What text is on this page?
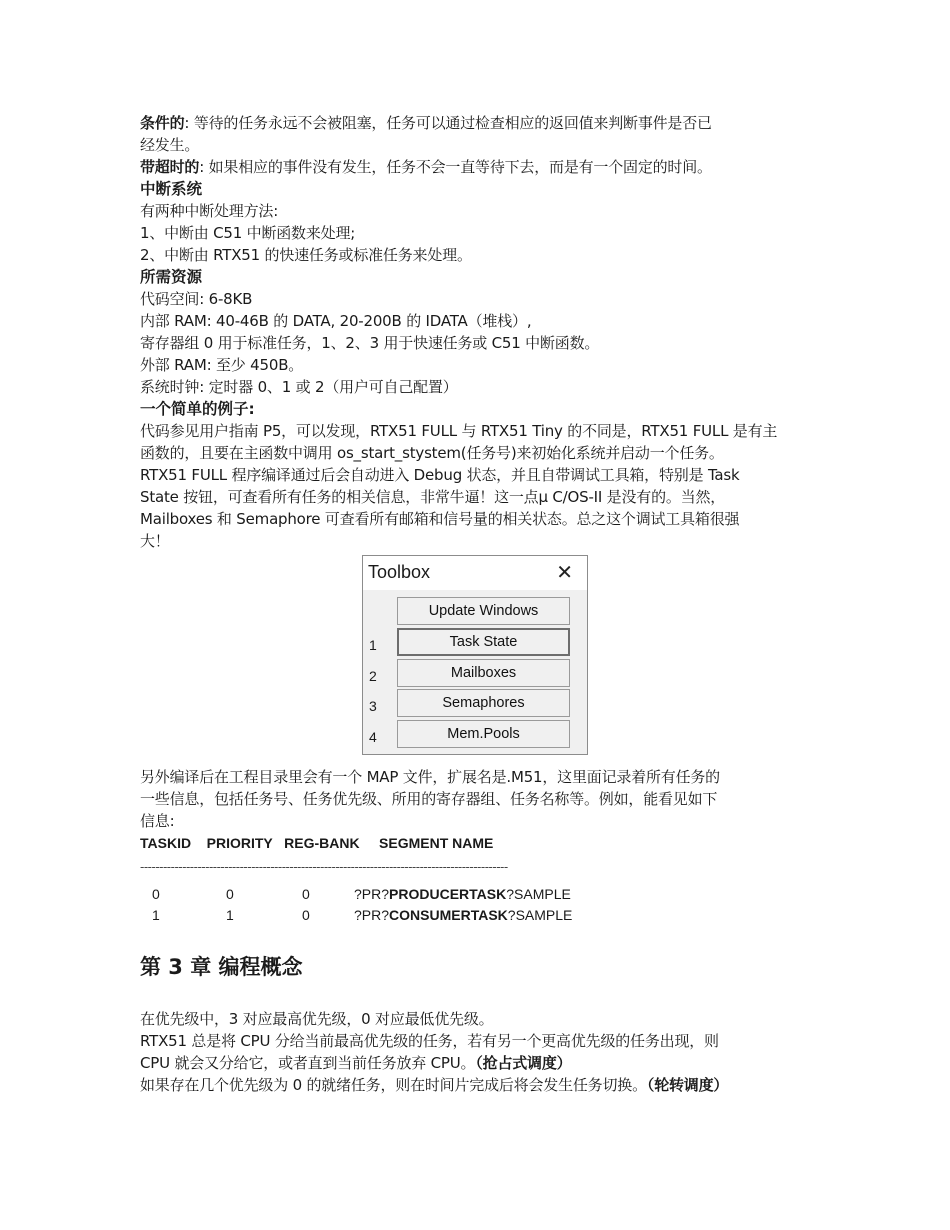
条件的: 等待的任务永远不会被阻塞，任务可以通过检查相应的返回值来判断事件是否已
经发生。
带超时的: 如果相应的事件没有发生，任务不会一直等待下去，而是有一个固定的时间。
中断系统
有两种中断处理方法:
1、中断由 C51 中断函数来处理;
2、中断由 RTX51 的快速任务或标准任务来处理。
所需资源
代码空间: 6-8KB
内部 RAM: 40-46B 的 DATA, 20-200B 的 IDATA（堆栈）,
寄存器组 0 用于标准任务，1、2、3 用于快速任务或 C51 中断函数。
外部 RAM: 至少 450B。
系统时钟: 定时器 0、1 或 2（用户可自己配置）
一个简单的例子:
代码参见用户指南 P5，可以发现，RTX51 FULL 与 RTX51 Tiny 的不同是，RTX51 FULL 是有主
函数的，且要在主函数中调用 os_start_stystem(任务号)来初始化系统并启动一个任务。
RTX51 FULL 程序编译通过后会自动进入 Debug 状态，并且自带调试工具箱，特别是 Task
State 按钮，可查看所有任务的相关信息，非常牛逼！这一点μ C/OS-II 是没有的。当然，
Mailboxes 和 Semaphore 可查看所有邮箱和信号量的相关状态。总之这个调试工具箱很强
大！
Toolbox	✕
Update Windows
1	Task State
2	Mailboxes
3	Semaphores
4	Mem.Pools
另外编译后在工程目录里会有一个 MAP 文件，扩展名是.M51，这里面记录着所有任务的
一些信息，包括任务号、任务优先级、所用的寄存器组、任务名称等。例如，能看见如下
信息:
TASKID    PRIORITY   REG-BANK     SEGMENT NAME
------------------------------------------------------------------------------------------------
0	0	0	?PR?PRODUCERTASK?SAMPLE
1	1	0	?PR?CONSUMERTASK?SAMPLE
第 3 章 编程概念
在优先级中，3 对应最高优先级，0 对应最低优先级。
RTX51 总是将 CPU 分给当前最高优先级的任务，若有另一个更高优先级的任务出现，则
CPU 就会又分给它，或者直到当前任务放弃 CPU。（抢占式调度）
如果存在几个优先级为 0 的就绪任务，则在时间片完成后将会发生任务切换。（轮转调度）
